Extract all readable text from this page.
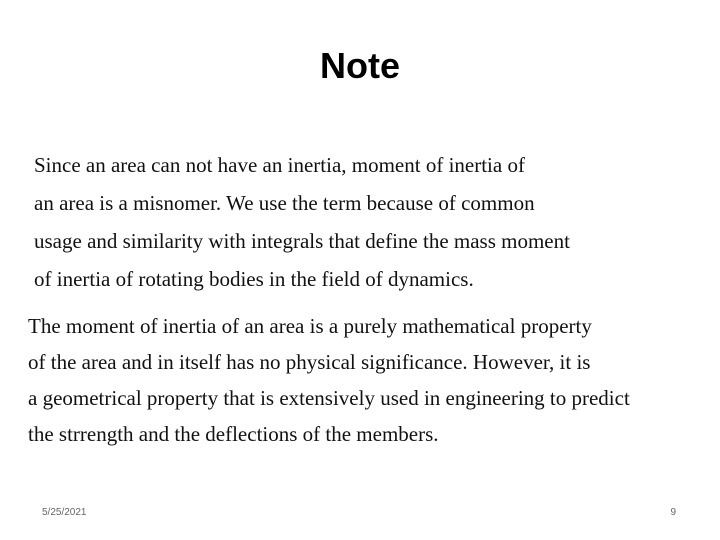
Note
Since an area can not have an inertia, moment of inertia of
an area is a misnomer. We use the term because of common
usage and similarity with integrals that define the mass moment
of inertia of rotating bodies in the field of dynamics.
The moment of inertia of an area is a purely mathematical property
of the area and in itself has no physical significance. However, it is
a geometrical property that is extensively used in engineering to predict
the strrength and the deflections of the members.
5/25/2021	9
